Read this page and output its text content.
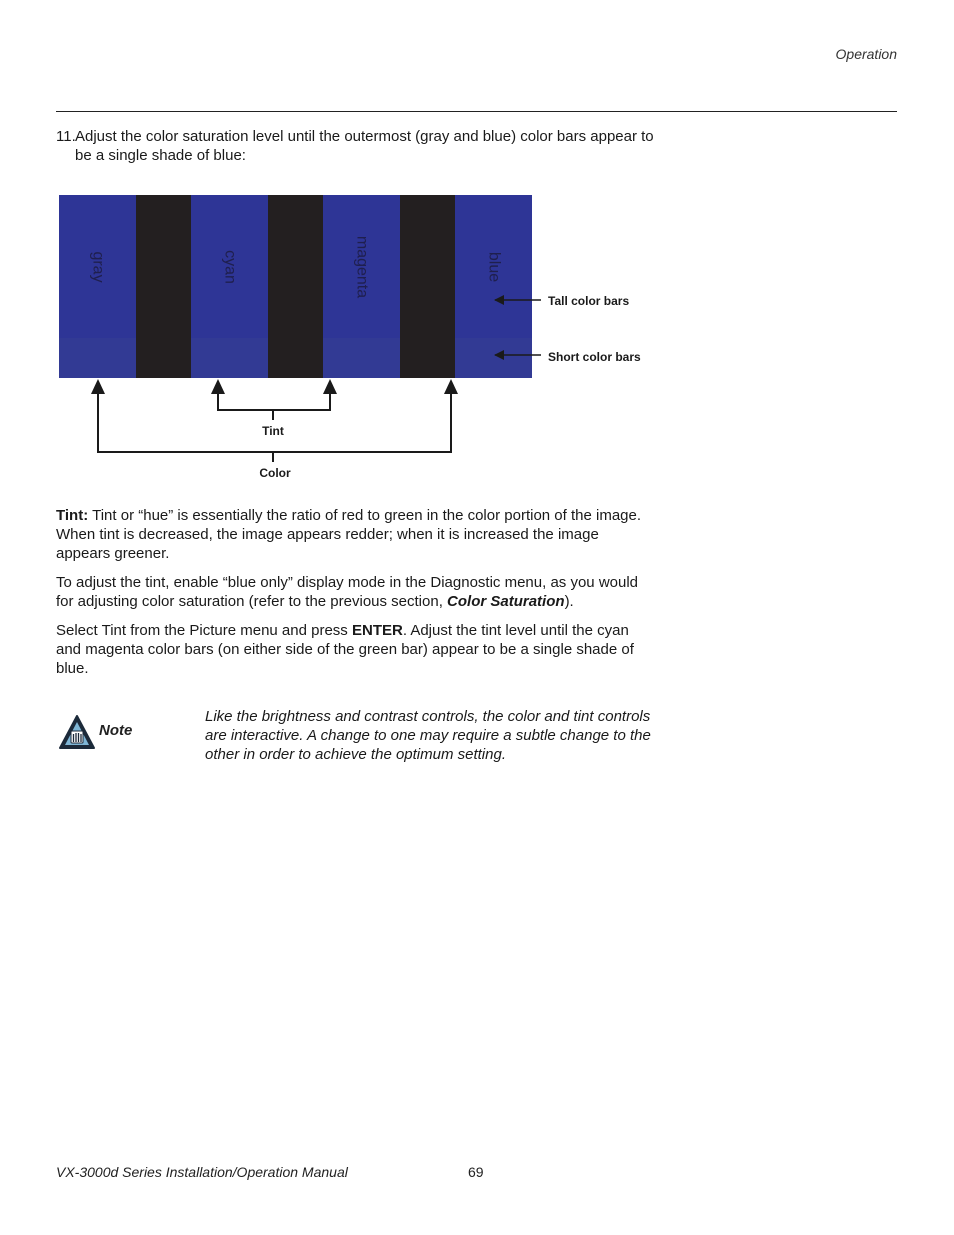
Operation
11. Adjust the color saturation level until the outermost (gray and blue) color bars appear to be a single shade of blue:
gray	cyan	magenta	blue
Tall color bars
Short color bars
Tint
Color
Tint: Tint or “hue” is essentially the ratio of red to green in the color portion of the image. When tint is decreased, the image appears redder; when it is increased the image appears greener.
To adjust the tint, enable “blue only” display mode in the Diagnostic menu, as you would for adjusting color saturation (refer to the previous section, Color Saturation).
Select Tint from the Picture menu and press ENTER. Adjust the tint level until the cyan and magenta color bars (on either side of the green bar) appear to be a single shade of blue.
Note
Like the brightness and contrast controls, the color and tint controls are interactive. A change to one may require a subtle change to the other in order to achieve the optimum setting.
VX-3000d Series Installation/Operation Manual	69
